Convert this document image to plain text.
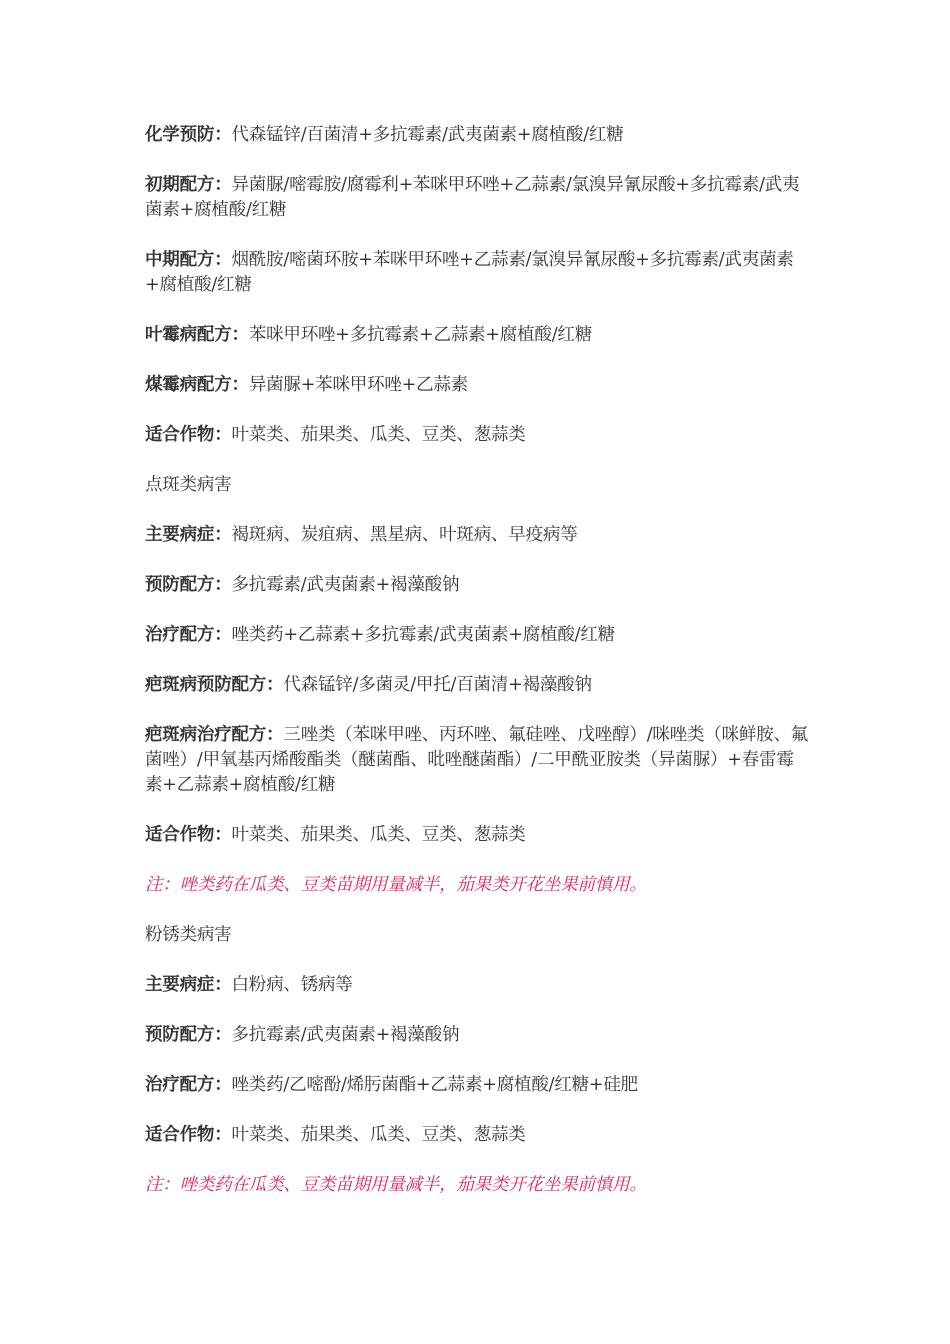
化学预防：代森锰锌/百菌清+多抗霉素/武夷菌素+腐植酸/红糖

初期配方：异菌脲/嘧霉胺/腐霉利+苯咪甲环唑+乙蒜素/氯溴异氰尿酸+多抗霉素/武夷菌素+腐植酸/红糖

中期配方：烟酰胺/嘧菌环胺+苯咪甲环唑+乙蒜素/氯溴异氰尿酸+多抗霉素/武夷菌素+腐植酸/红糖

叶霉病配方：苯咪甲环唑+多抗霉素+乙蒜素+腐植酸/红糖

煤霉病配方：异菌脲+苯咪甲环唑+乙蒜素

适合作物：叶菜类、茄果类、瓜类、豆类、葱蒜类

点斑类病害

主要病症：褐斑病、炭疽病、黑星病、叶斑病、早疫病等

预防配方：多抗霉素/武夷菌素+褐藻酸钠

治疗配方：唑类药+乙蒜素+多抗霉素/武夷菌素+腐植酸/红糖

疤斑病预防配方：代森锰锌/多菌灵/甲托/百菌清+褐藻酸钠

疤斑病治疗配方：三唑类（苯咪甲唑、丙环唑、氟硅唑、戊唑醇）/咪唑类（咪鲜胺、氟菌唑）/甲氧基丙烯酸酯类（醚菌酯、吡唑醚菌酯）/二甲酰亚胺类（异菌脲）+春雷霉素+乙蒜素+腐植酸/红糖

适合作物：叶菜类、茄果类、瓜类、豆类、葱蒜类

注：唑类药在瓜类、豆类苗期用量减半，茄果类开花坐果前慎用。

粉锈类病害

主要病症：白粉病、锈病等

预防配方：多抗霉素/武夷菌素+褐藻酸钠

治疗配方：唑类药/乙嘧酚/烯肟菌酯+乙蒜素+腐植酸/红糖+硅肥

适合作物：叶菜类、茄果类、瓜类、豆类、葱蒜类

注：唑类药在瓜类、豆类苗期用量减半，茄果类开花坐果前慎用。
